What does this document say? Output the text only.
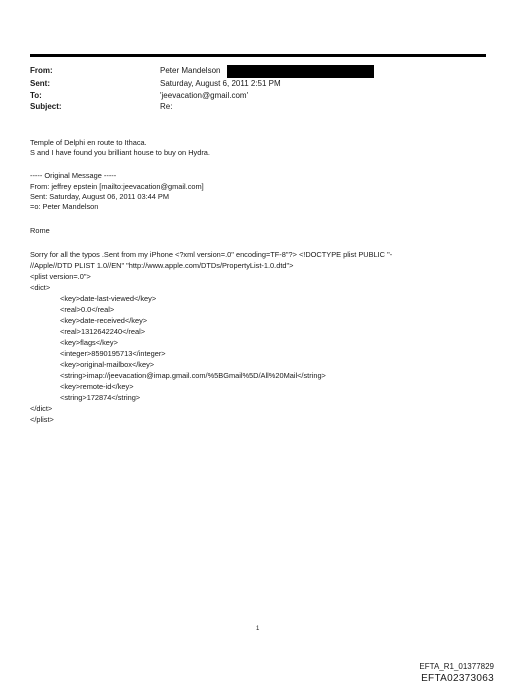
From:	Peter Mandelson
Sent:	Saturday, August 6, 2011 2:51 PM
To:	'jeevacation@gmail.com'
Subject:	Re:
Temple of Delphi en route to Ithaca.
S and I have found you brilliant house to buy on Hydra.
----- Original Message -----
From: jeffrey epstein [mailto:jeevacation@gmail.com]
Sent: Saturday, August 06, 2011 03:44 PM
=o: Peter Mandelson
Rome
Sorry for all the typos .Sent from my iPhone <?xml version=.0" encoding=TF-8"?> <!DOCTYPE plist PUBLIC "-
//Apple//DTD PLIST 1.0//EN" "http://www.apple.com/DTDs/PropertyList-1.0.dtd">
<plist version=.0">
<dict>
<key>date-last-viewed</key>
<real>0.0</real>
<key>date-received</key>
<real>1312642240</real>
<key>flags</key>
<integer>8590195713</integer>
<key>original-mailbox</key>
<string>imap://jeevacation@imap.gmail.com/%5BGmail%5D/All%20Mail</string>
<key>remote-id</key>
<string>172874</string>
</dict>
</plist>
1
EFTA_R1_01377829
EFTA02373063
